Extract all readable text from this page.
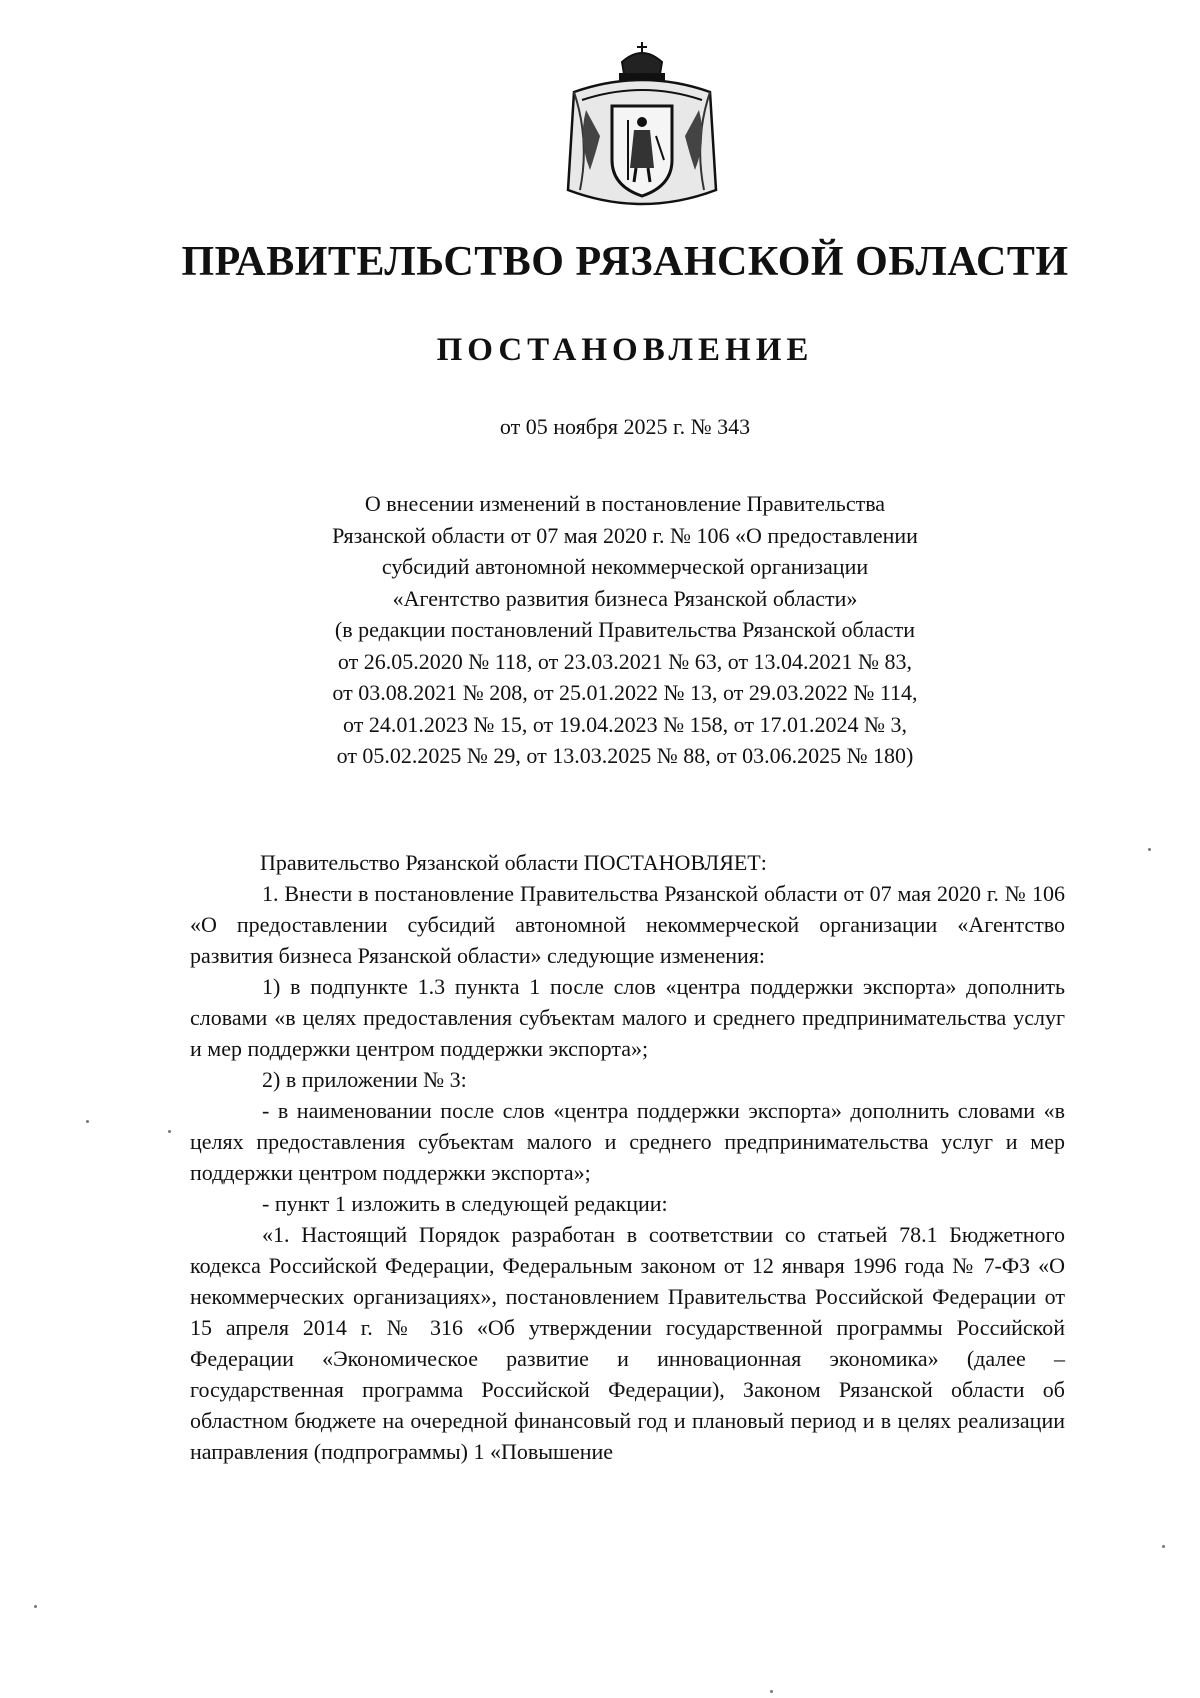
ПРАВИТЕЛЬСТВО РЯЗАНСКОЙ ОБЛАСТИ
ПОСТАНОВЛЕНИЕ
от 05 ноября 2025 г. № 343
О внесении изменений в постановление Правительства
Рязанской области от 07 мая 2020 г. № 106 «О предоставлении
субсидий автономной некоммерческой организации
«Агентство развития бизнеса Рязанской области»
(в редакции постановлений Правительства Рязанской области
от 26.05.2020 № 118, от 23.03.2021 № 63, от 13.04.2021 № 83,
от 03.08.2021 № 208, от 25.01.2022 № 13, от 29.03.2022 № 114,
от 24.01.2023 № 15, от 19.04.2023 № 158, от 17.01.2024 № 3,
от 05.02.2025 № 29, от 13.03.2025 № 88, от 03.06.2025 № 180)

Правительство Рязанской области ПОСТАНОВЛЯЕТ:

1. Внести в постановление Правительства Рязанской области от 07 мая 2020 г. № 106 «О предоставлении субсидий автономной некоммерческой организации «Агентство развития бизнеса Рязанской области» следующие изменения:

1) в подпункте 1.3 пункта 1 после слов «центра поддержки экспорта» дополнить словами «в целях предоставления субъектам малого и среднего предпринимательства услуг и мер поддержки центром поддержки экспорта»;

2) в приложении № 3:

- в наименовании после слов «центра поддержки экспорта» дополнить словами «в целях предоставления субъектам малого и среднего предпринимательства услуг и мер поддержки центром поддержки экспорта»;

- пункт 1 изложить в следующей редакции:

«1. Настоящий Порядок разработан в соответствии со статьей 78.1 Бюджетного кодекса Российской Федерации, Федеральным законом от 12 января 1996 года № 7-ФЗ «О некоммерческих организациях», постановлением Правительства Российской Федерации от 15 апреля 2014 г. № 316 «Об утверждении государственной программы Российской Федерации «Экономическое развитие и инновационная экономика» (далее – государственная программа Российской Федерации), Законом Рязанской области об областном бюджете на очередной финансовый год и плановый период и в целях реализации направления (подпрограммы) 1 «Повышение
